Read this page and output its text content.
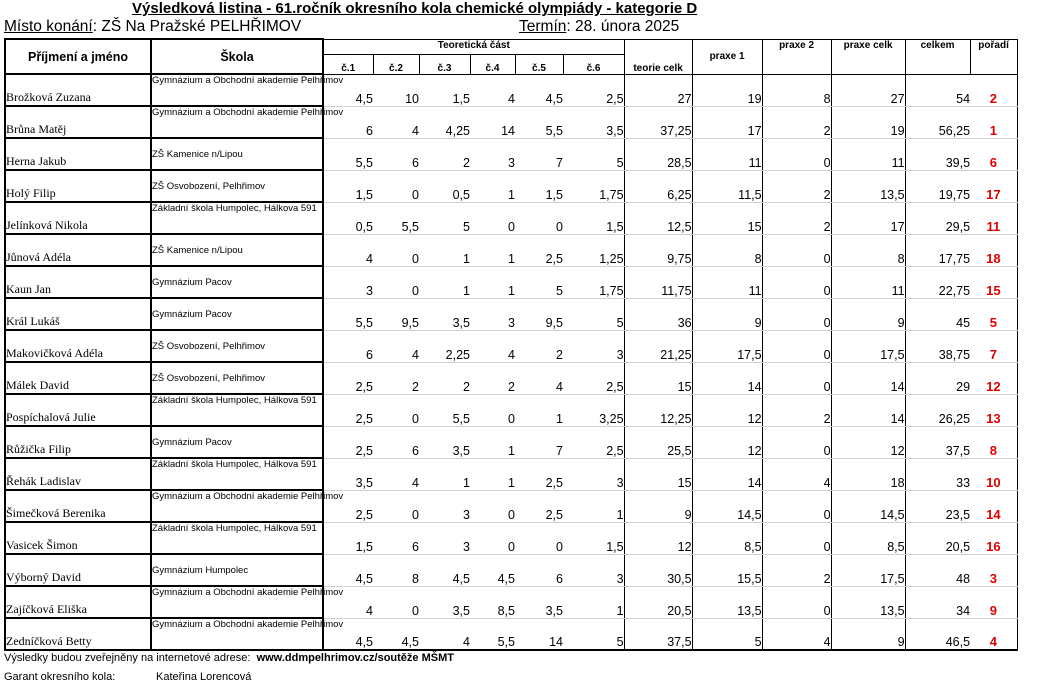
Výsledková listina - 61.ročník okresního kola chemické olympiády - kategorie D
Místo konání: ZŠ Na Pražské PELHŘIMOV	Termín: 28. února 2025
Příjmení a jméno	Škola	Teoretická část						teorie celk	praxe 1	praxe 2	praxe celk	celkem	pořadí
		č.1	č.2	č.3	č.4	č.5	č.6						
Brožková Zuzana	Gymnázium a Obchodní akademie Pelhřimov	4,5	10	1,5	4	4,5	2,5	27	19	8	27	54	2
Brůna Matěj	Gymnázium a Obchodní akademie Pelhřimov	6	4	4,25	14	5,5	3,5	37,25	17	2	19	56,25	1
Herna Jakub	ZŠ Kamenice n/Lipou	5,5	6	2	3	7	5	28,5	11	0	11	39,5	6
Holý Filip	ZŠ Osvobození, Pelhřimov	1,5	0	0,5	1	1,5	1,75	6,25	11,5	2	13,5	19,75	17
Jelínková Nikola	Základní škola Humpolec, Hálkova 591	0,5	5,5	5	0	0	1,5	12,5	15	2	17	29,5	11
Jůnová Adéla	ZŠ Kamenice n/Lipou	4	0	1	1	2,5	1,25	9,75	8	0	8	17,75	18
Kaun Jan	Gymnázium Pacov	3	0	1	1	5	1,75	11,75	11	0	11	22,75	15
Král Lukáš	Gymnázium Pacov	5,5	9,5	3,5	3	9,5	5	36	9	0	9	45	5
Makovičková Adéla	ZŠ Osvobození, Pelhřimov	6	4	2,25	4	2	3	21,25	17,5	0	17,5	38,75	7
Málek David	ZŠ Osvobození, Pelhřimov	2,5	2	2	2	4	2,5	15	14	0	14	29	12
Pospíchalová Julie	Základní škola Humpolec, Hálkova 591	2,5	0	5,5	0	1	3,25	12,25	12	2	14	26,25	13
Růžička Filip	Gymnázium Pacov	2,5	6	3,5	1	7	2,5	25,5	12	0	12	37,5	8
Řehák Ladislav	Základní škola Humpolec, Hálkova 591	3,5	4	1	1	2,5	3	15	14	4	18	33	10
Šimečková Berenika	Gymnázium a Obchodní akademie Pelhřimov	2,5	0	3	0	2,5	1	9	14,5	0	14,5	23,5	14
Vasicek Šimon	Základní škola Humpolec, Hálkova 591	1,5	6	3	0	0	1,5	12	8,5	0	8,5	20,5	16
Výborný David	Gymnázium Humpolec	4,5	8	4,5	4,5	6	3	30,5	15,5	2	17,5	48	3
Zajíčková Eliška	Gymnázium a Obchodní akademie Pelhřimov	4	0	3,5	8,5	3,5	1	20,5	13,5	0	13,5	34	9
Zedníčková Betty	Gymnázium a Obchodní akademie Pelhřimov	4,5	4,5	4	5,5	14	5	37,5	5	4	9	46,5	4
Výsledky budou zveřejněny na internetové adrese: www.ddmpelhrimov.cz/soutěže MŠMT
Garant okresního kola:	Kateřina Lorencová
